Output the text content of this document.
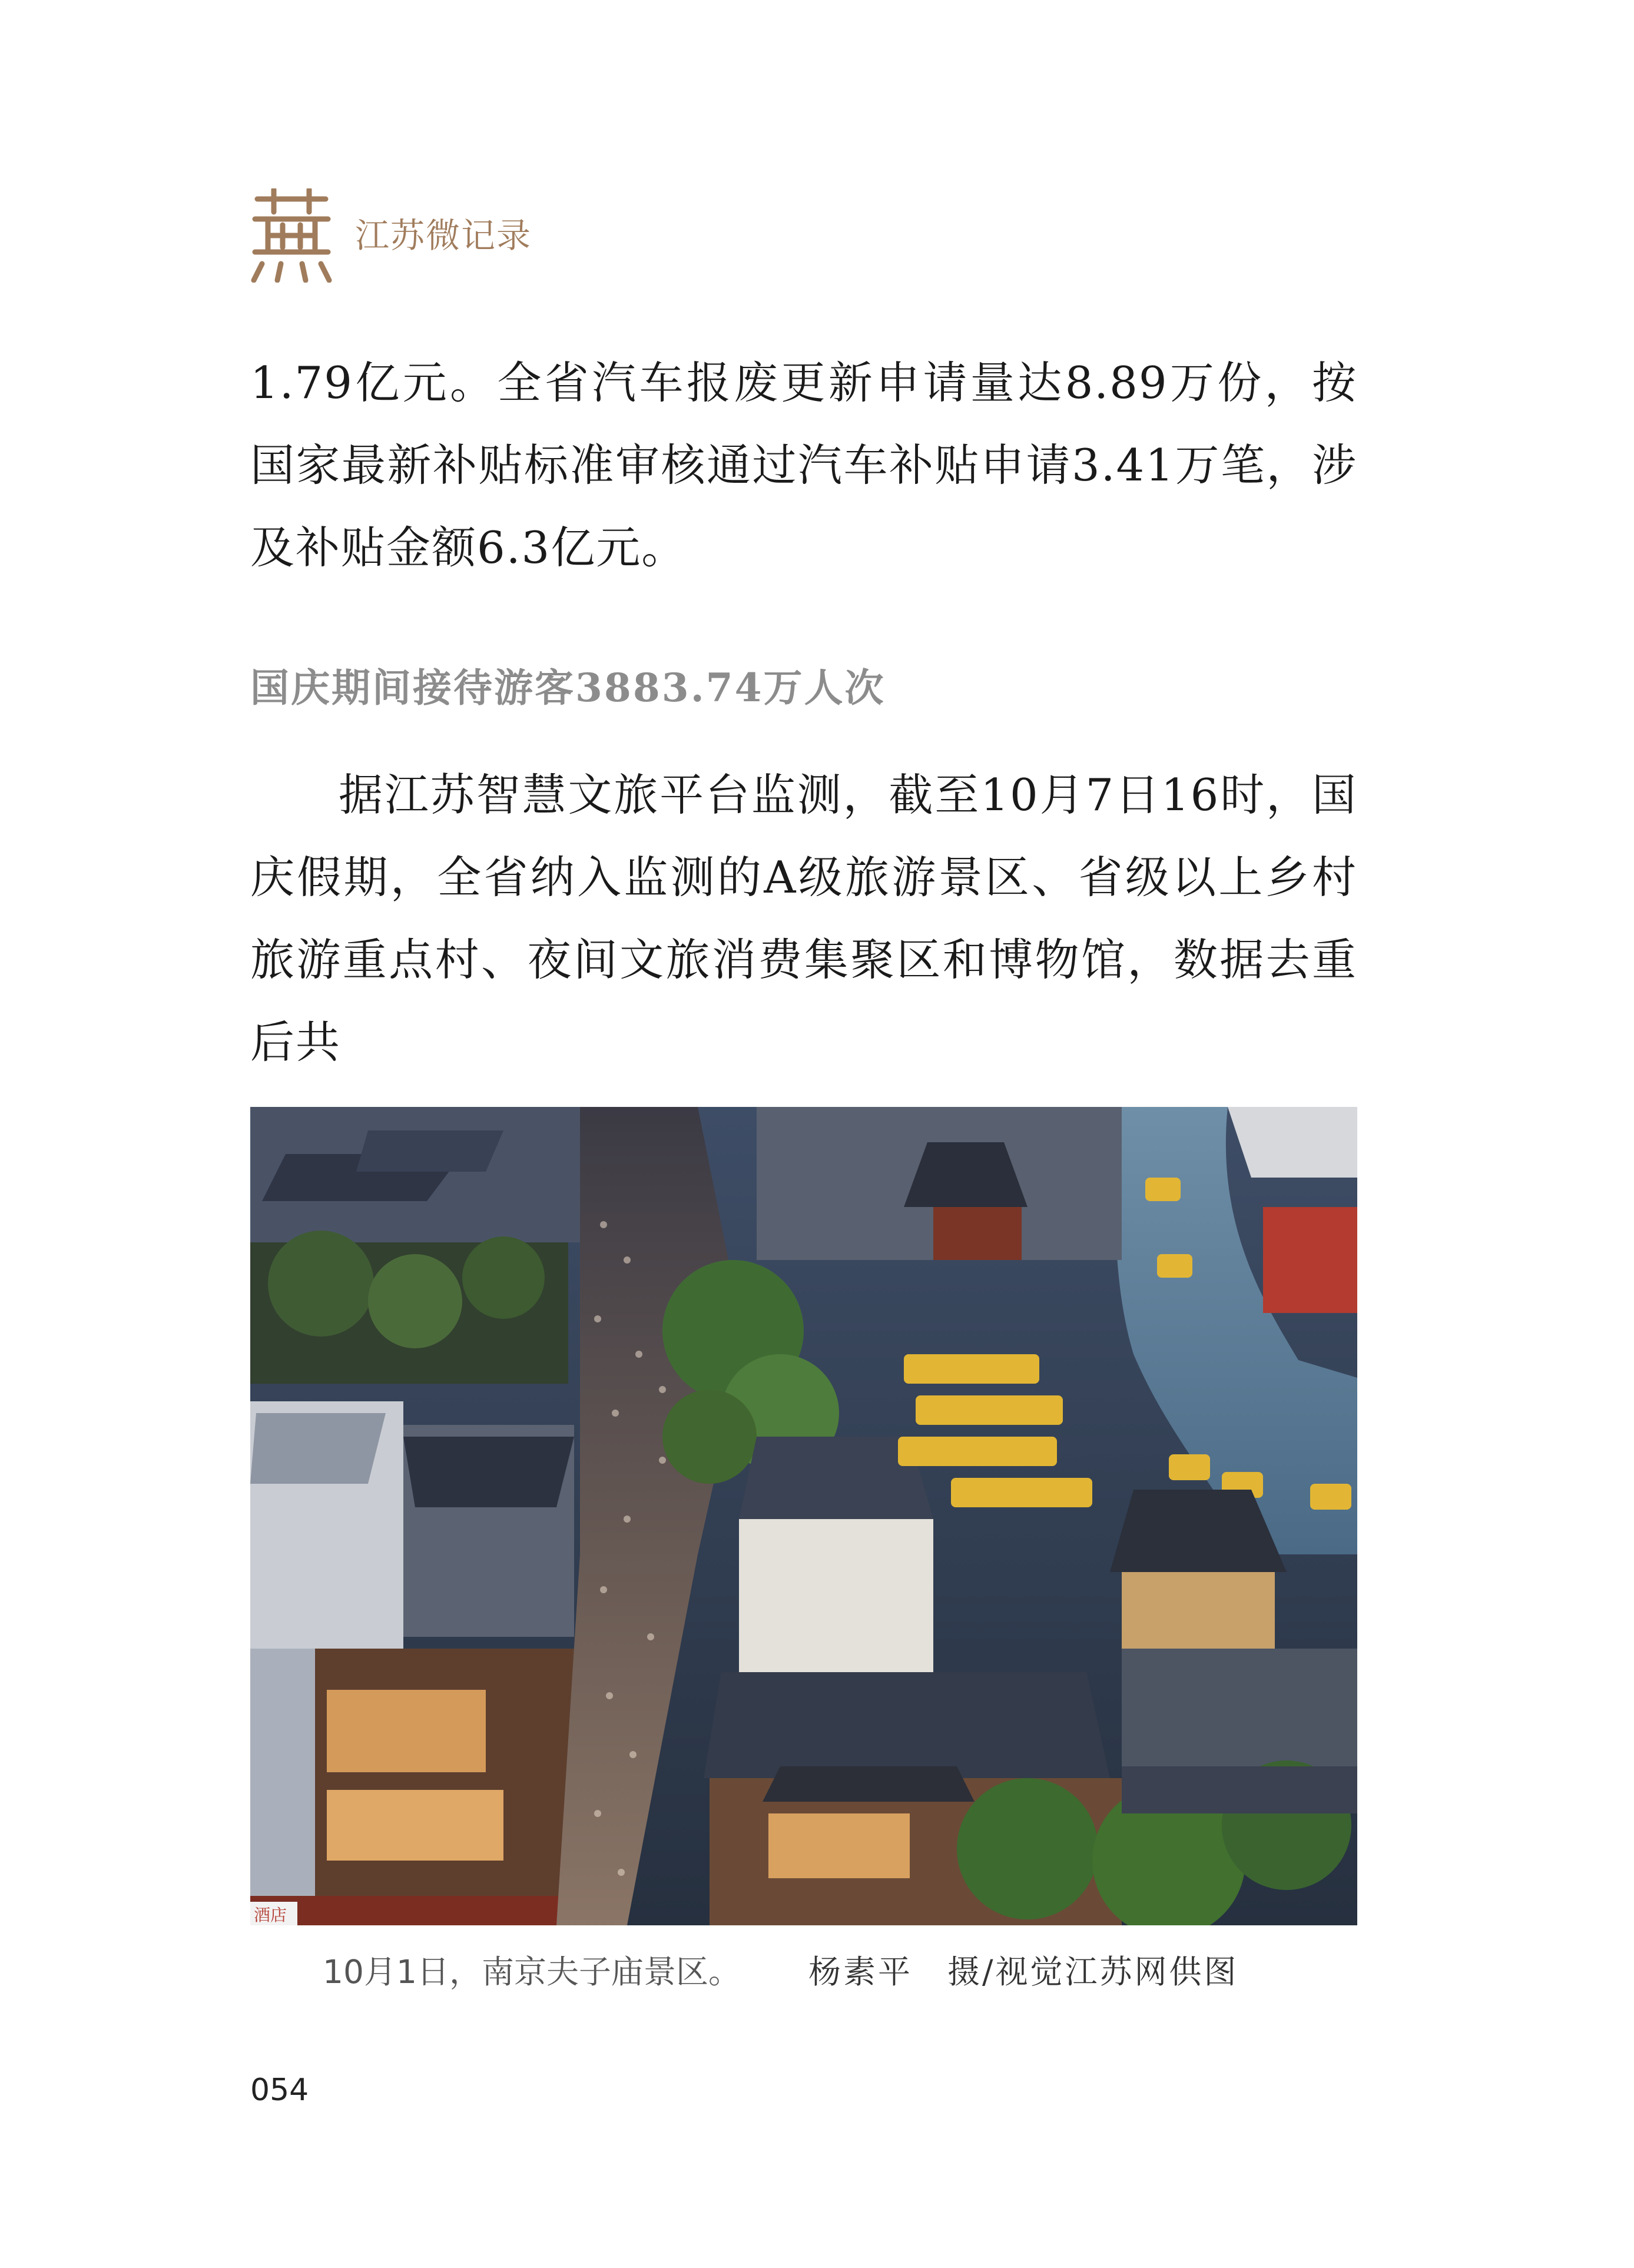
江苏微记录

1.79亿元。全省汽车报废更新申请量达8.89万份，按国家最新补贴标准审核通过汽车补贴申请3.41万笔，涉及补贴金额6.3亿元。

国庆期间接待游客3883.74万人次

据江苏智慧文旅平台监测，截至10月7日16时，国庆假期，全省纳入监测的A级旅游景区、省级以上乡村旅游重点村、夜间文旅消费集聚区和博物馆，数据去重后共

酒店
10月1日，南京夫子庙景区。 杨素平　摄/视觉江苏网供图
054
